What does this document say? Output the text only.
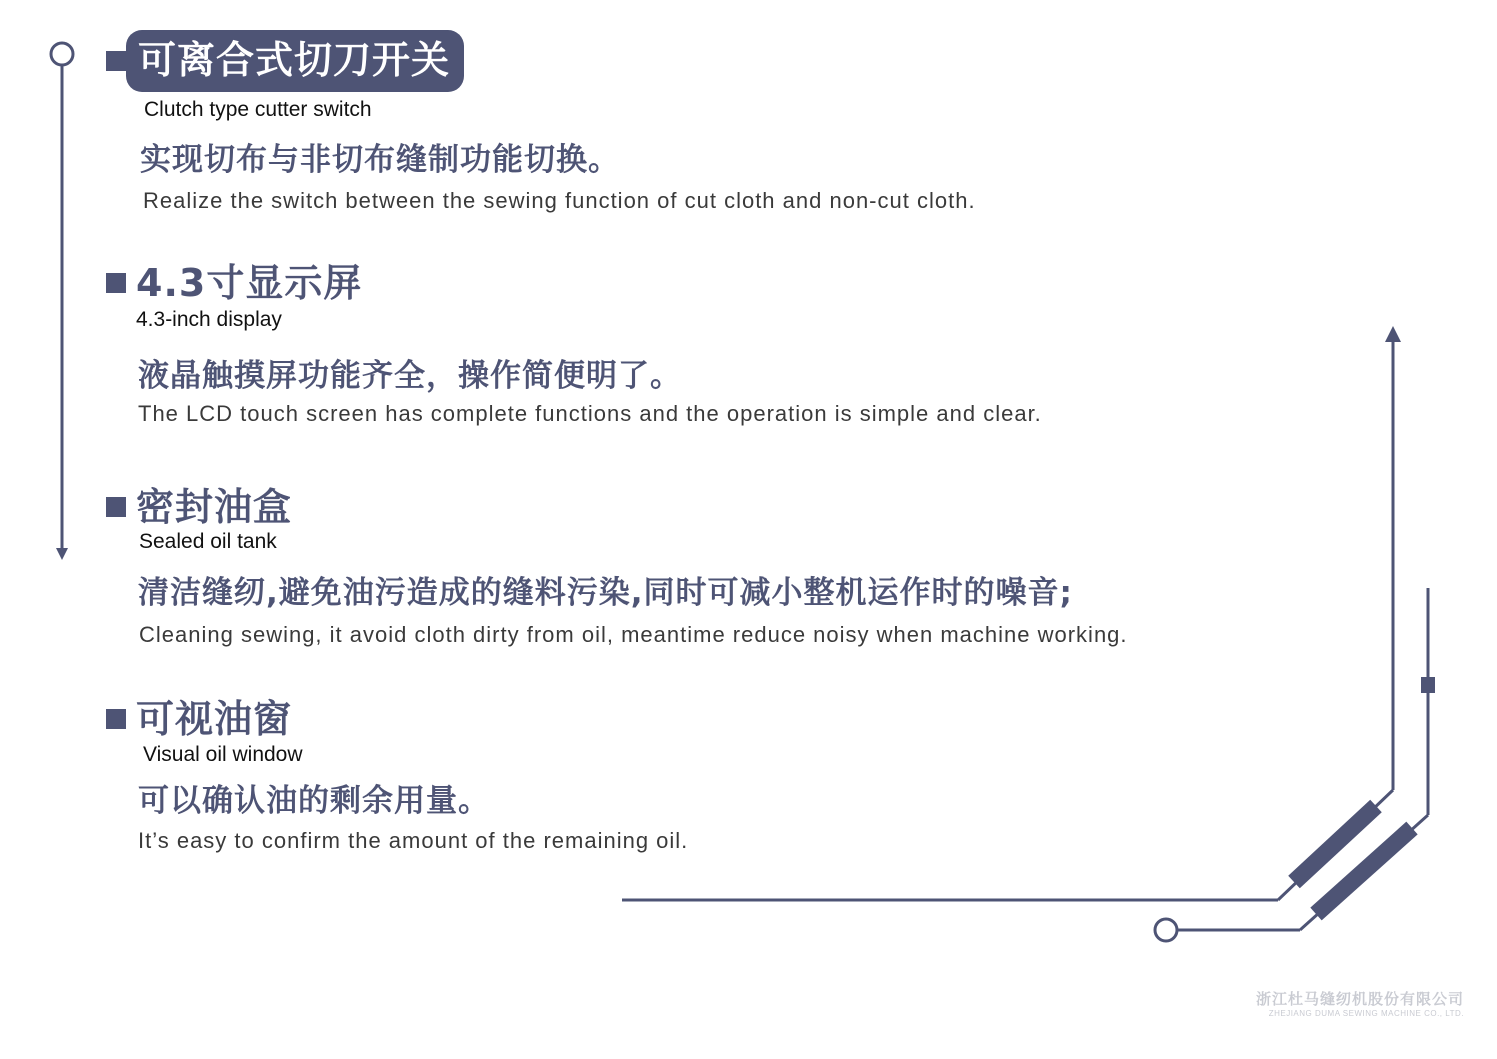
可离合式切刀开关
Clutch type cutter switch
实现切布与非切布缝制功能切换。
Realize the switch between the sewing function of cut cloth and non-cut cloth.
4.3寸显示屏
4.3-inch display
液晶触摸屏功能齐全，操作简便明了。
The LCD touch screen has complete functions and the operation is simple and clear.
密封油盒
Sealed oil tank
清洁缝纫,避免油污造成的缝料污染,同时可减小整机运作时的噪音;
Cleaning sewing, it avoid cloth dirty from oil, meantime reduce noisy when machine working.
可视油窗
Visual oil window
可以确认油的剩余用量。
It’s easy to confirm the amount of the remaining oil.
浙江杜马缝纫机股份有限公司
ZHEJIANG DUMA SEWING MACHINE CO., LTD.
